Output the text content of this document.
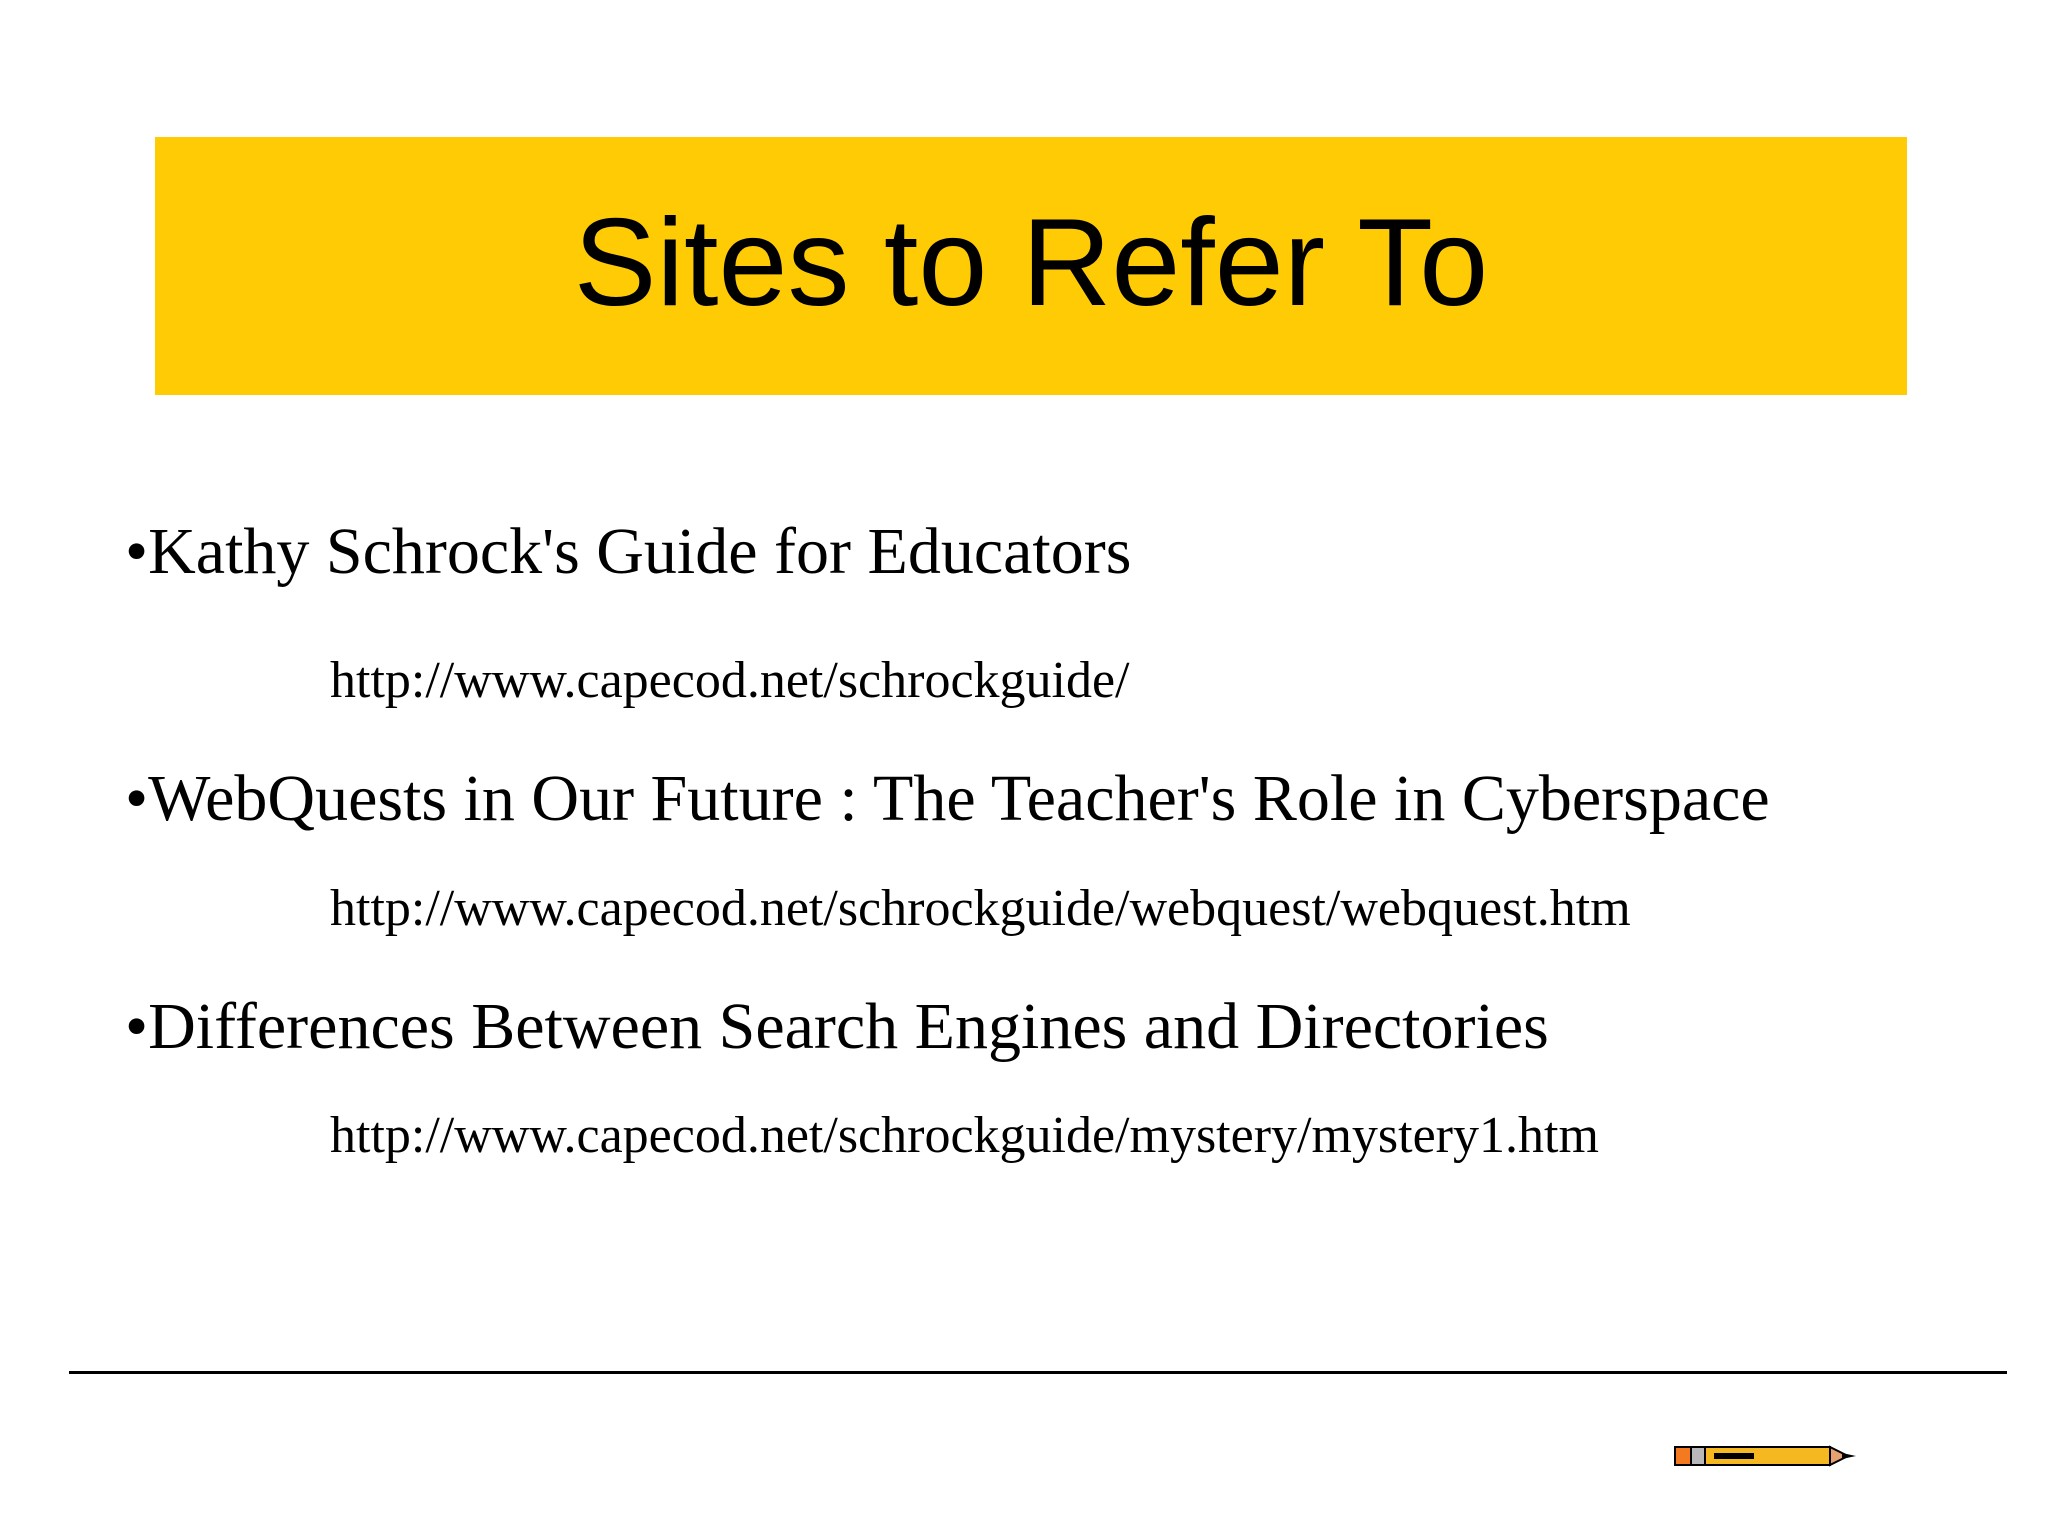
Sites to Refer To
•Kathy Schrock's Guide for Educators
http://www.capecod.net/schrockguide/
•WebQuests in Our Future : The Teacher's Role in Cyberspace
http://www.capecod.net/schrockguide/webquest/webquest.htm
•Differences Between Search Engines and Directories
http://www.capecod.net/schrockguide/mystery/mystery1.htm
